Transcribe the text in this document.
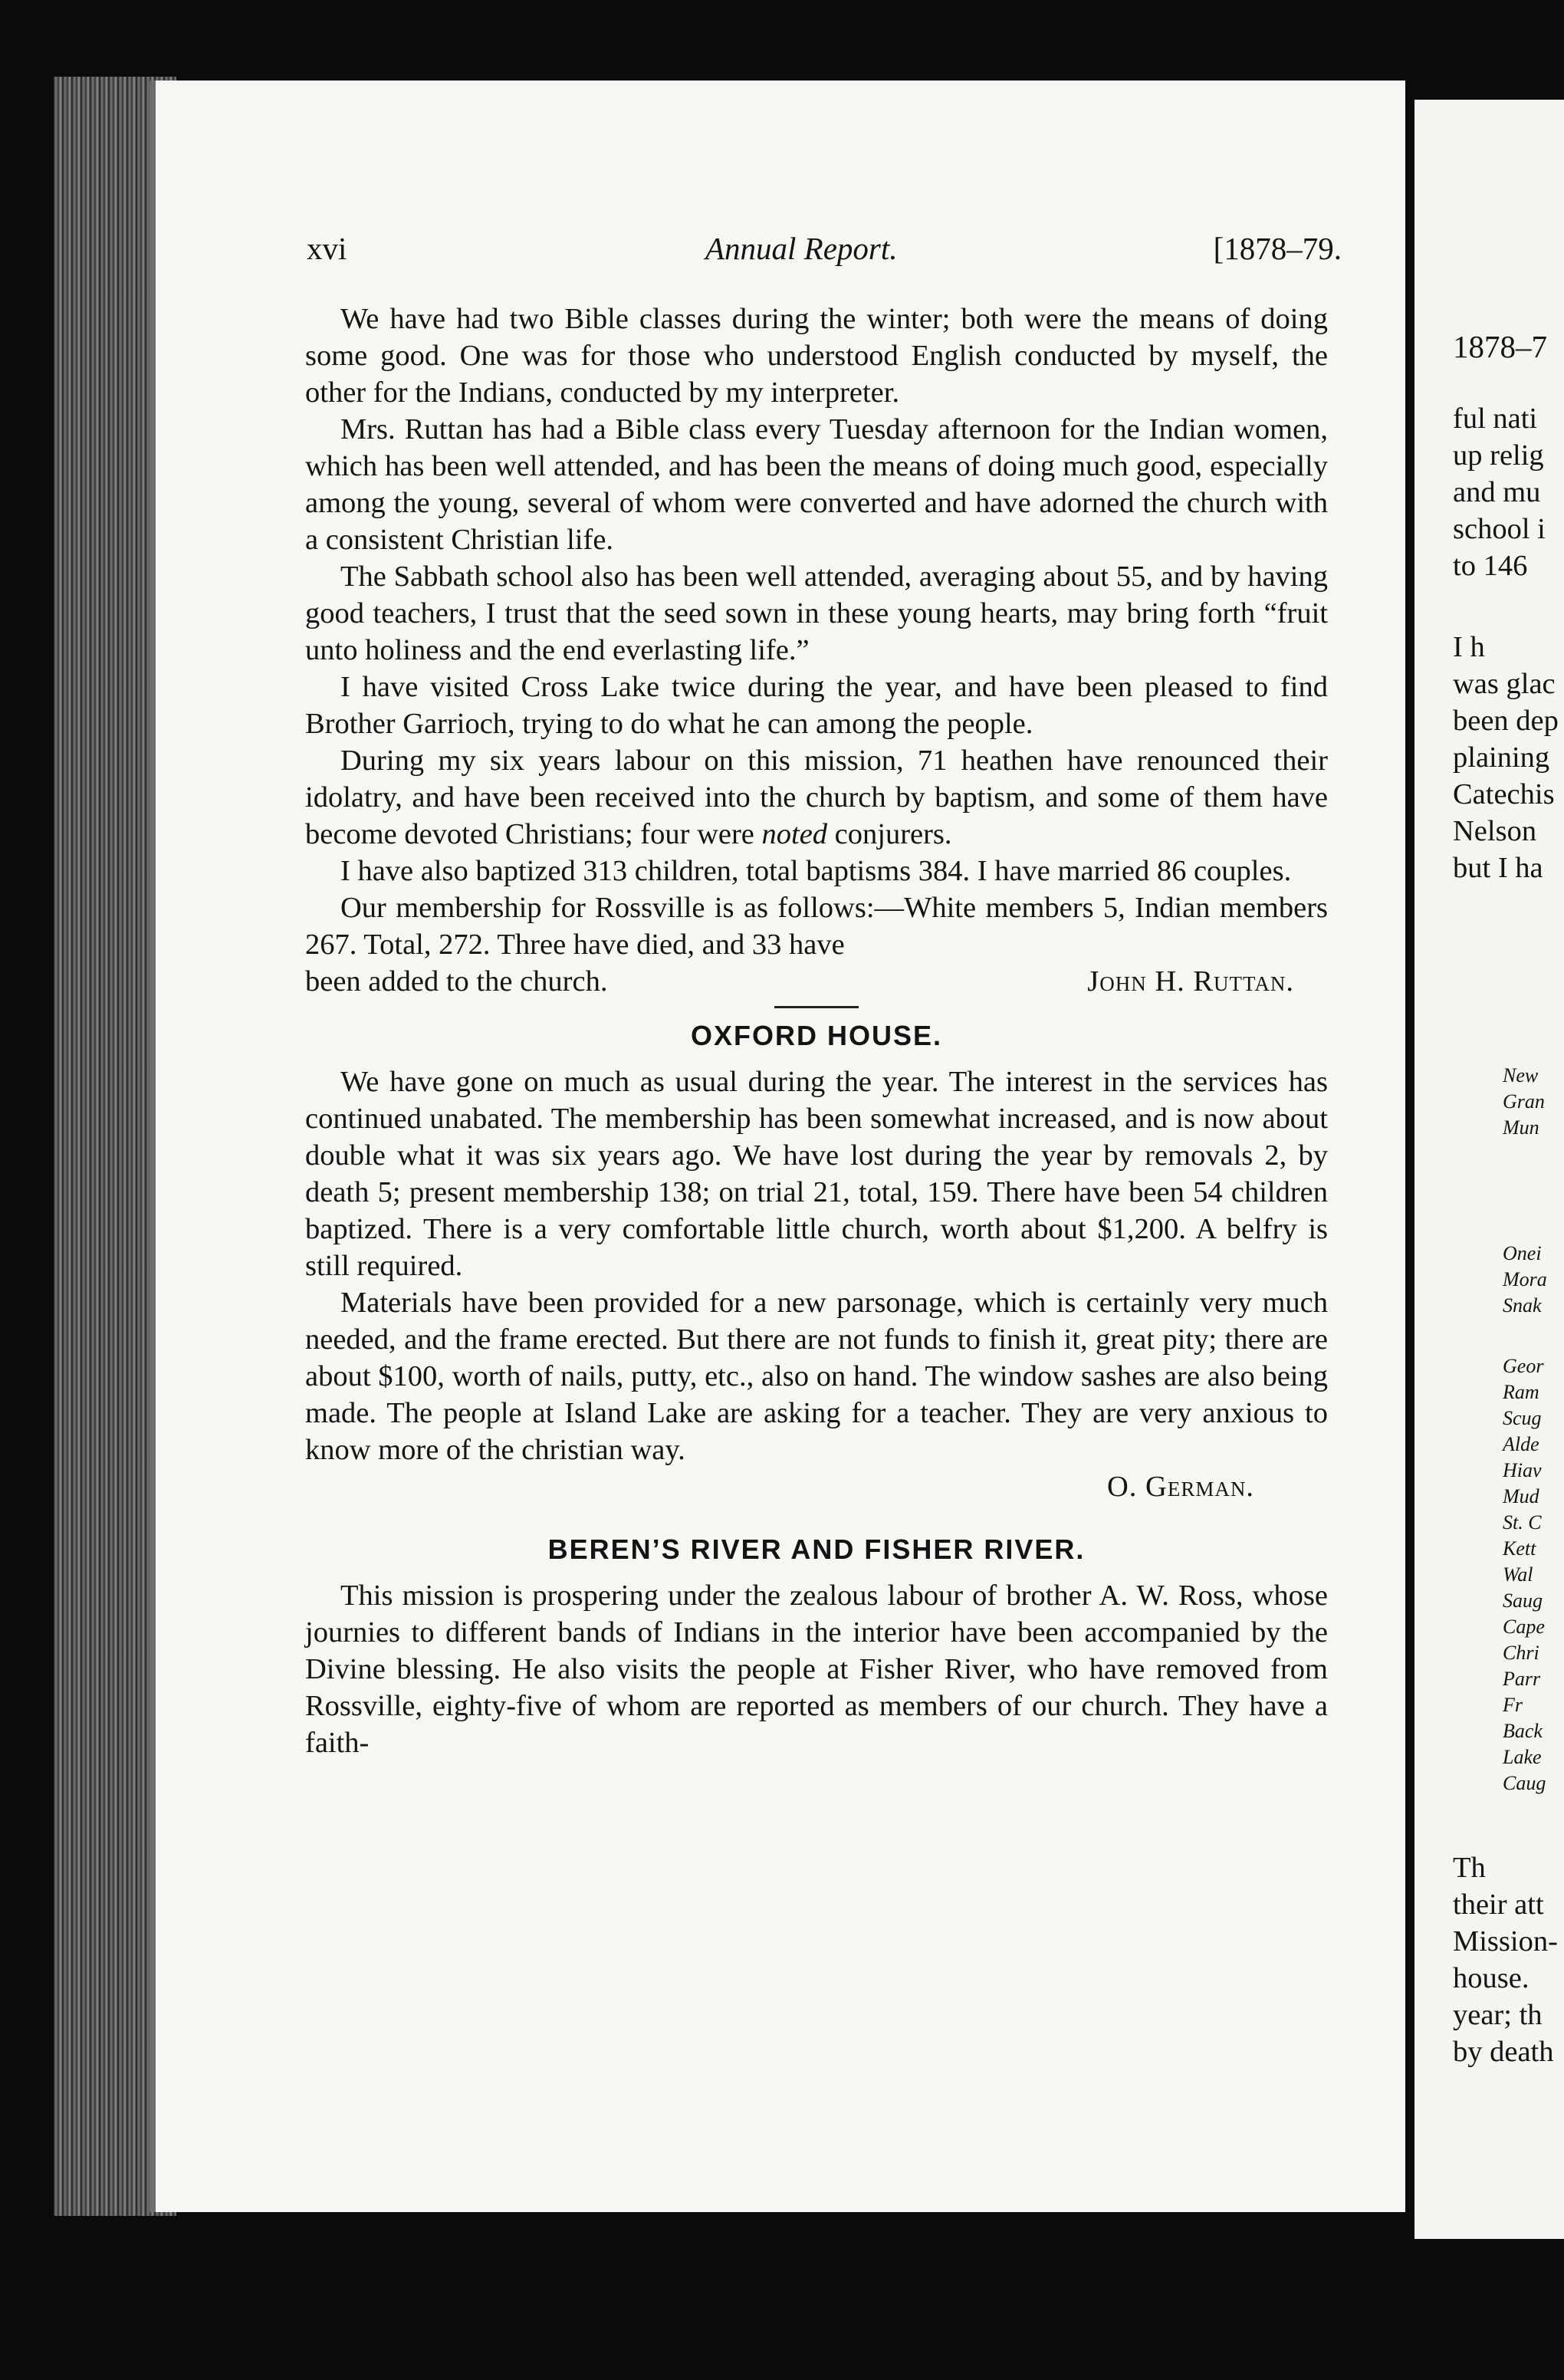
xvi	Annual Report.	[1878–79.

We have had two Bible classes during the winter; both were the means of doing some good. One was for those who understood English conducted by myself, the other for the Indians, conducted by my interpreter.

Mrs. Ruttan has had a Bible class every Tuesday afternoon for the Indian women, which has been well attended, and has been the means of doing much good, especially among the young, several of whom were converted and have adorned the church with a consistent Christian life.

The Sabbath school also has been well attended, averaging about 55, and by having good teachers, I trust that the seed sown in these young hearts, may bring forth “fruit unto holiness and the end everlasting life.”

I have visited Cross Lake twice during the year, and have been pleased to find Brother Garrioch, trying to do what he can among the people.

During my six years labour on this mission, 71 heathen have renounced their idolatry, and have been received into the church by baptism, and some of them have become devoted Christians; four were noted conjurers.

I have also baptized 313 children, total baptisms 384. I have married 86 couples.

Our membership for Rossville is as follows:—White members 5, Indian members 267. Total, 272. Three have died, and 33 have

been added to the church.	John H. Ruttan.
OXFORD HOUSE.

We have gone on much as usual during the year. The interest in the services has continued unabated. The membership has been somewhat increased, and is now about double what it was six years ago. We have lost during the year by removals 2, by death 5; present membership 138; on trial 21, total, 159. There have been 54 children baptized. There is a very comfortable little church, worth about $1,200. A belfry is still required.

Materials have been provided for a new parsonage, which is certainly very much needed, and the frame erected. But there are not funds to finish it, great pity; there are about $100, worth of nails, putty, etc., also on hand. The window sashes are also being made. The people at Island Lake are asking for a teacher. They are very anxious to know more of the christian way.

O. German.
BEREN’S RIVER AND FISHER RIVER.

This mission is prospering under the zealous labour of brother A. W. Ross, whose journies to different bands of Indians in the interior have been accompanied by the Divine blessing. He also visits the people at Fisher River, who have removed from Rossville, eighty-five of whom are reported as members of our church. They have a faith-

1878–7
ful nati
up relig
and mu
school i
to 146
I h
was glac
been dep
plaining
Catechis
Nelson
but I ha
New
Gran
Mun
Onei
Mora
Snak
Geor
Ram
Scug
Alde
Hiav
Mud
St. C
Kett
Wal
Saug
Cape
Chri
Parr
Fr
Back
Lake
Caug
Th
their att
Mission-
house.
year; th
by death
